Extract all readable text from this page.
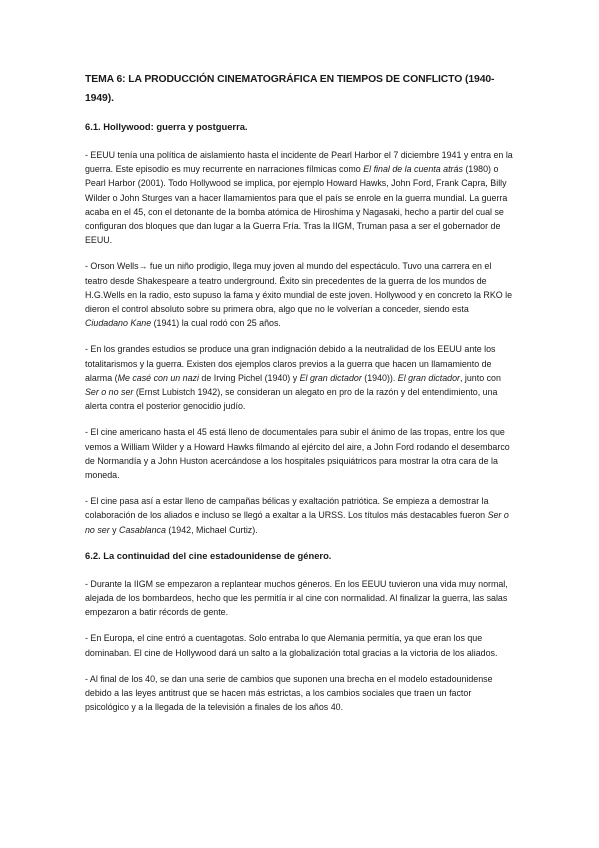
TEMA 6: LA PRODUCCIÓN CINEMATOGRÁFICA EN TIEMPOS DE CONFLICTO (1940-1949).
6.1. Hollywood: guerra y postguerra.

- EEUU tenía una política de aislamiento hasta el incidente de Pearl Harbor el 7 diciembre 1941 y entra en la guerra. Este episodio es muy recurrente en narraciones fílmicas como El final de la cuenta atrás (1980) o Pearl Harbor (2001). Todo Hollywood se implica, por ejemplo Howard Hawks, John Ford, Frank Capra, Billy Wilder o John Sturges van a hacer llamamientos para que el país se enrole en la guerra mundial. La guerra acaba en el 45, con el detonante de la bomba atómica de Hiroshima y Nagasaki, hecho a partir del cual se configuran dos bloques que dan lugar a la Guerra Fría. Tras la IIGM, Truman pasa a ser el gobernador de EEUU.

- Orson Wells→ fue un niño prodigio, llega muy joven al mundo del espectáculo. Tuvo una carrera en el teatro desde Shakespeare a teatro underground. Éxito sin precedentes de la guerra de los mundos de H.G.Wells en la radio, esto supuso la fama y éxito mundial de este joven. Hollywood y en concreto la RKO le dieron el control absoluto sobre su primera obra, algo que no le volverían a conceder, siendo esta Ciudadano Kane (1941) la cual rodó con 25 años.

- En los grandes estudios se produce una gran indignación debido a la neutralidad de los EEUU ante los totalitarismos y la guerra. Existen dos ejemplos claros previos a la guerra que hacen un llamamiento de alarma (Me casé con un nazi de Irving Pichel (1940) y El gran dictador (1940)). El gran dictador, junto con Ser o no ser (Ernst Lubistch 1942), se consideran un alegato en pro de la razón y del entendimiento, una alerta contra el posterior genocidio judío.

- El cine americano hasta el 45 está lleno de documentales para subir el ánimo de las tropas, entre los que vemos a William Wilder y a Howard Hawks filmando al ejército del aire, a John Ford rodando el desembarco de Normandía y a John Huston acercándose a los hospitales psiquiátricos para mostrar la otra cara de la moneda.

- El cine pasa así a estar lleno de campañas bélicas y exaltación patriótica. Se empieza a demostrar la colaboración de los aliados e incluso se llegó a exaltar a la URSS. Los títulos más destacables fueron Ser o no ser y Casablanca (1942, Michael Curtiz).

6.2. La continuidad del cine estadounidense de género.

- Durante la IIGM se empezaron a replantear muchos géneros. En los EEUU tuvieron una vida muy normal, alejada de los bombardeos, hecho que les permitía ir al cine con normalidad. Al finalizar la guerra, las salas empezaron a batir récords de gente.

- En Europa, el cine entró a cuentagotas. Solo entraba lo que Alemania permitía, ya que eran los que dominaban. El cine de Hollywood dará un salto a la globalización total gracias a la victoria de los aliados.

- Al final de los 40, se dan una serie de cambios que suponen una brecha en el modelo estadounidense debido a las leyes antitrust que se hacen más estrictas, a los cambios sociales que traen un factor psicológico y a la llegada de la televisión a finales de los años 40.
